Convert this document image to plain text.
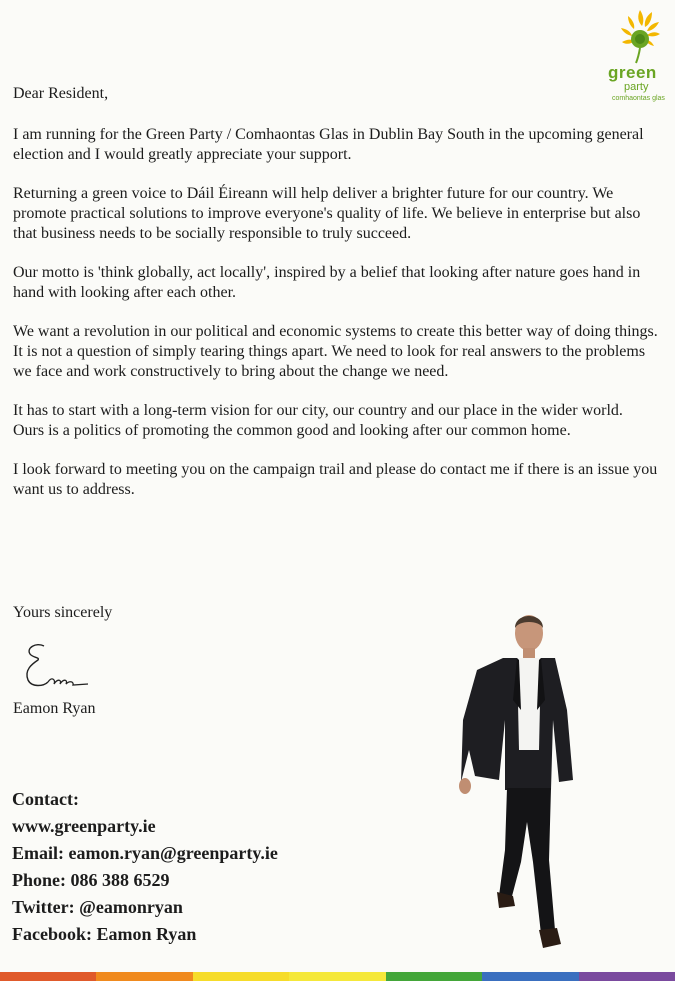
green
party
comhaontas glas

Dear Resident,

I am running for the Green Party / Comhaontas Glas in Dublin Bay South in the upcoming general election and I would greatly appreciate your support.

Returning a green voice to Dáil Éireann will help deliver a brighter future for our country. We promote practical solutions to improve everyone's quality of life. We believe in enterprise but also that business needs to be socially responsible to truly succeed.

Our motto is 'think globally, act locally', inspired by a belief that looking after nature goes hand in hand with looking after each other.

We want a revolution in our political and economic systems to create this better way of doing things. It is not a question of simply tearing things apart. We need to look for real answers to the problems we face and work constructively to bring about the change we need.

It has to start with a long-term vision for our city, our country and our place in the wider world. Ours is a politics of promoting the common good and looking after our common home.

I look forward to meeting you on the campaign trail and please do contact me if there is an issue you want us to address.

Yours sincerely
Eamon Ryan
Contact:
www.greenparty.ie
Email: eamon.ryan@greenparty.ie
Phone: 086 388 6529
Twitter: @eamonryan
Facebook: Eamon Ryan
